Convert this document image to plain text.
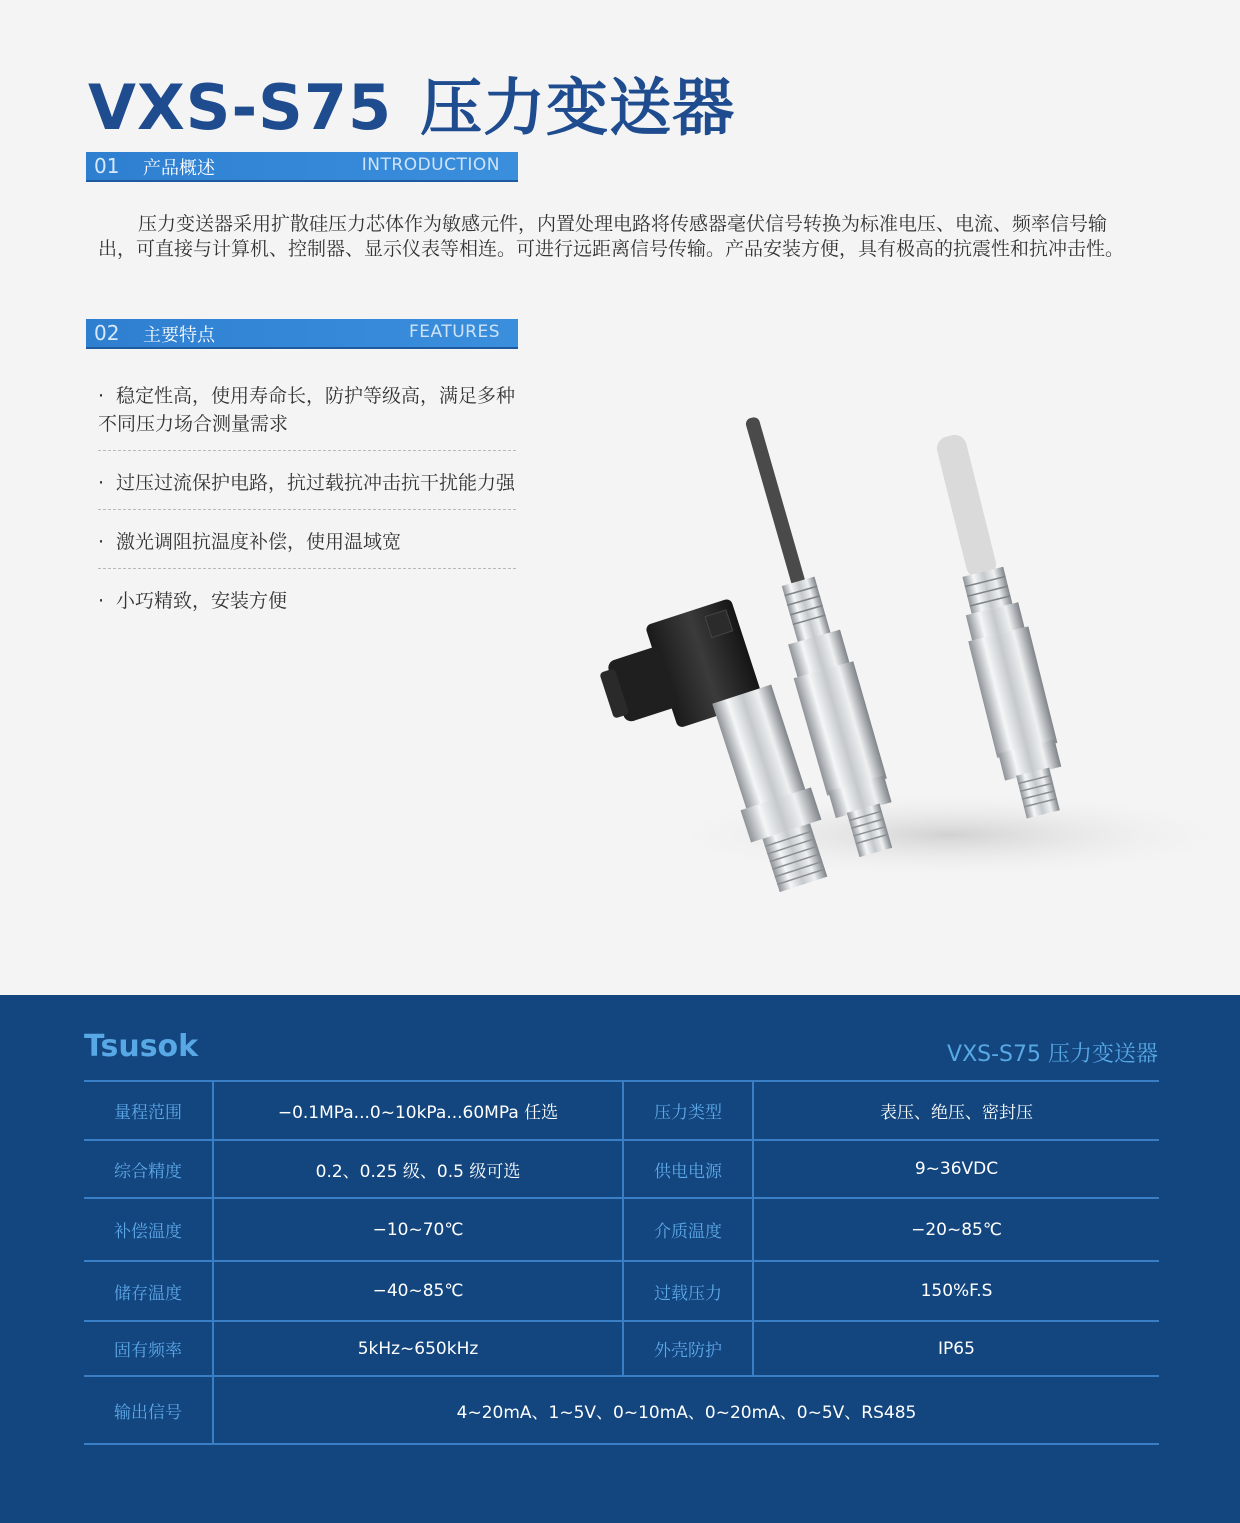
VXS-S75 压力变送器
01 产品概述	INTRODUCTION

压力变送器采用扩散硅压力芯体作为敏感元件，内置处理电路将传感器毫伏信号转换为标准电压、电流、频率信号输出，可直接与计算机、控制器、显示仪表等相连。可进行远距离信号传输。产品安装方便，具有极高的抗震性和抗冲击性。

02 主要特点	FEATURES
· 稳定性高，使用寿命长，防护等级高，满足多种不同压力场合测量需求
· 过压过流保护电路，抗过载抗冲击抗干扰能力强
· 激光调阻抗温度补偿，使用温域宽
· 小巧精致，安装方便
Tsusok	VXS-S75 压力变送器
量程范围	−0.1MPa...0~10kPa...60MPa 任选	压力类型	表压、绝压、密封压
综合精度	0.2、0.25 级、0.5 级可选	供电电源	9~36VDC
补偿温度	−10~70℃	介质温度	−20~85℃
储存温度	−40~85℃	过载压力	150%F.S
固有频率	5kHz~650kHz	外壳防护	IP65
输出信号	4~20mA、1~5V、0~10mA、0~20mA、0~5V、RS485		
